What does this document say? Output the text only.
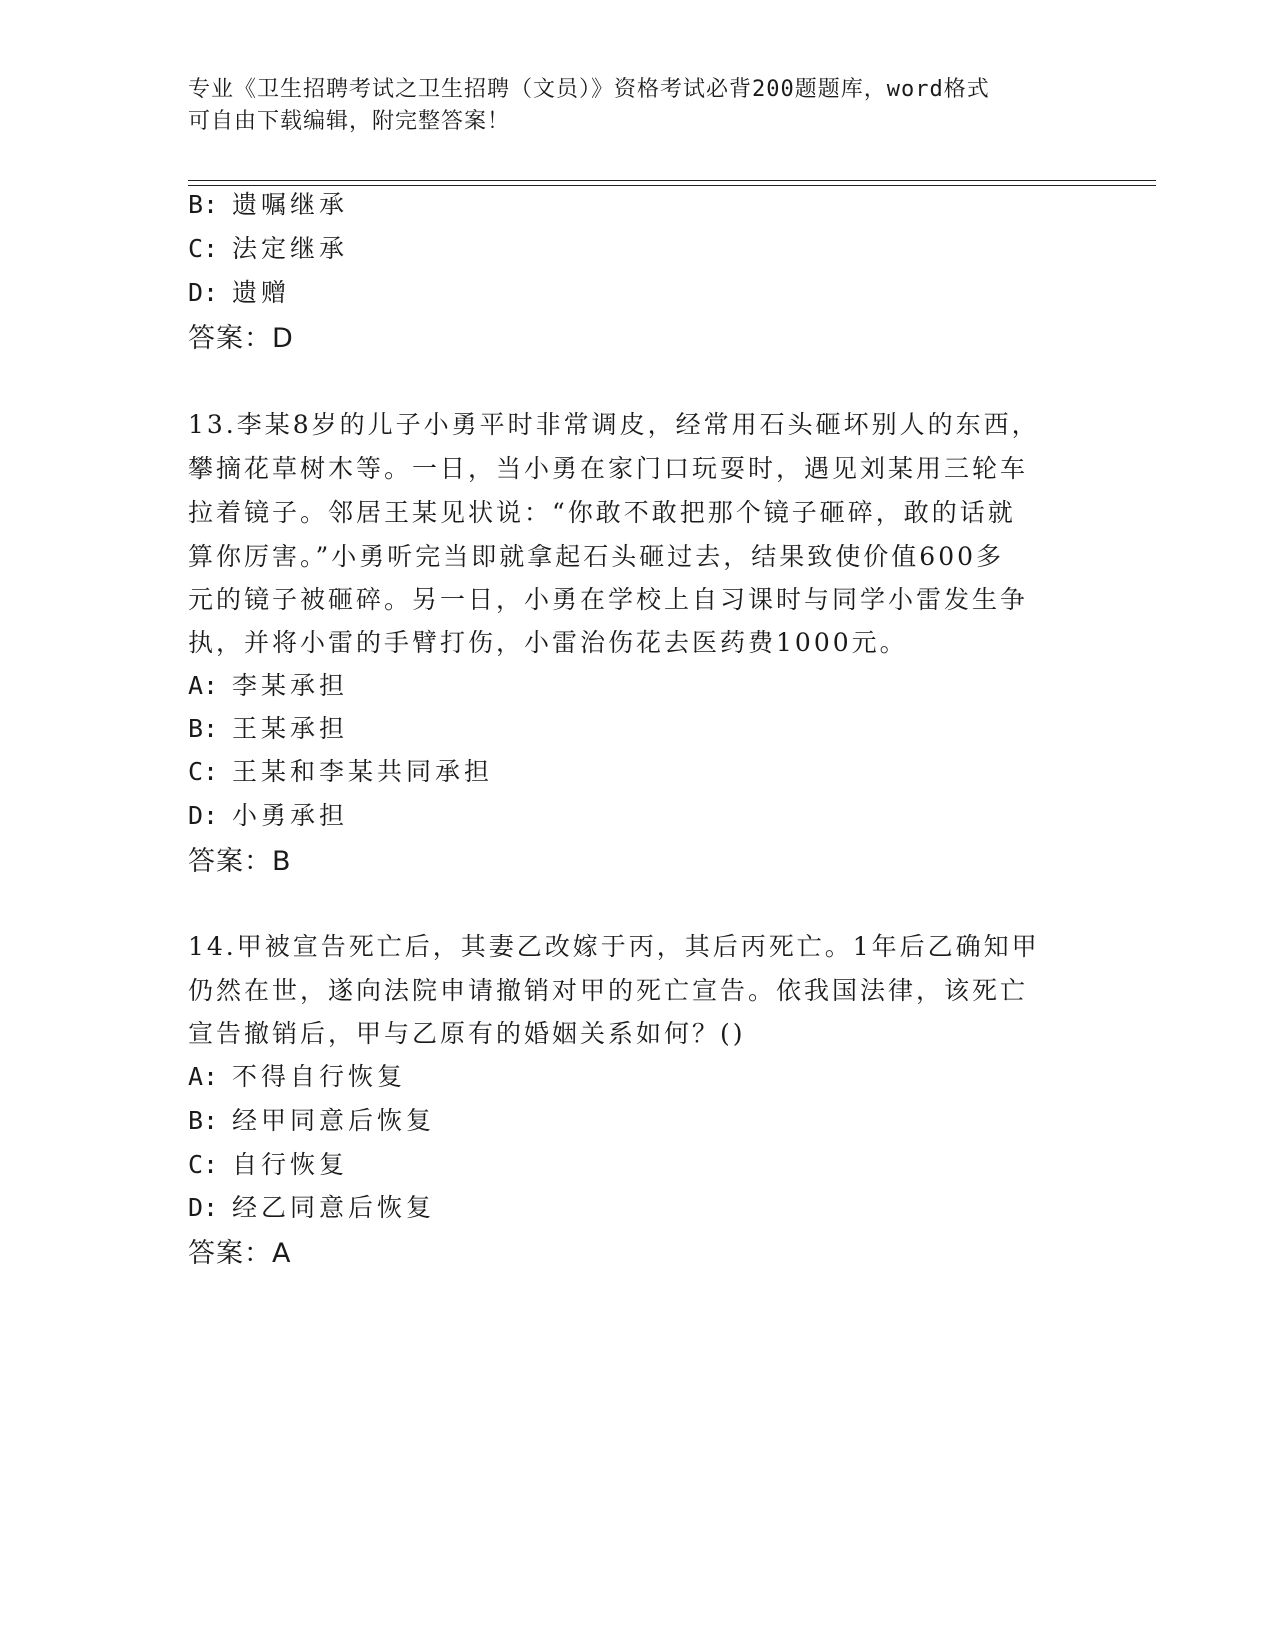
专业《卫生招聘考试之卫生招聘（文员）》资格考试必背200题题库，word格式
可自由下载编辑，附完整答案！
B: 遗嘱继承
C: 法定继承
D: 遗赠
答案：D
13.李某8岁的儿子小勇平时非常调皮，经常用石头砸坏别人的东西，
攀摘花草树木等。一日，当小勇在家门口玩耍时，遇见刘某用三轮车
拉着镜子。邻居王某见状说：“你敢不敢把那个镜子砸碎，敢的话就
算你厉害。”小勇听完当即就拿起石头砸过去，结果致使价值600多
元的镜子被砸碎。另一日，小勇在学校上自习课时与同学小雷发生争
执，并将小雷的手臂打伤，小雷治伤花去医药费1000元。
A: 李某承担
B: 王某承担
C: 王某和李某共同承担
D: 小勇承担
答案：B
14.甲被宣告死亡后，其妻乙改嫁于丙，其后丙死亡。1年后乙确知甲
仍然在世，遂向法院申请撤销对甲的死亡宣告。依我国法律，该死亡
宣告撤销后，甲与乙原有的婚姻关系如何？()
A: 不得自行恢复
B: 经甲同意后恢复
C: 自行恢复
D: 经乙同意后恢复
答案：A
